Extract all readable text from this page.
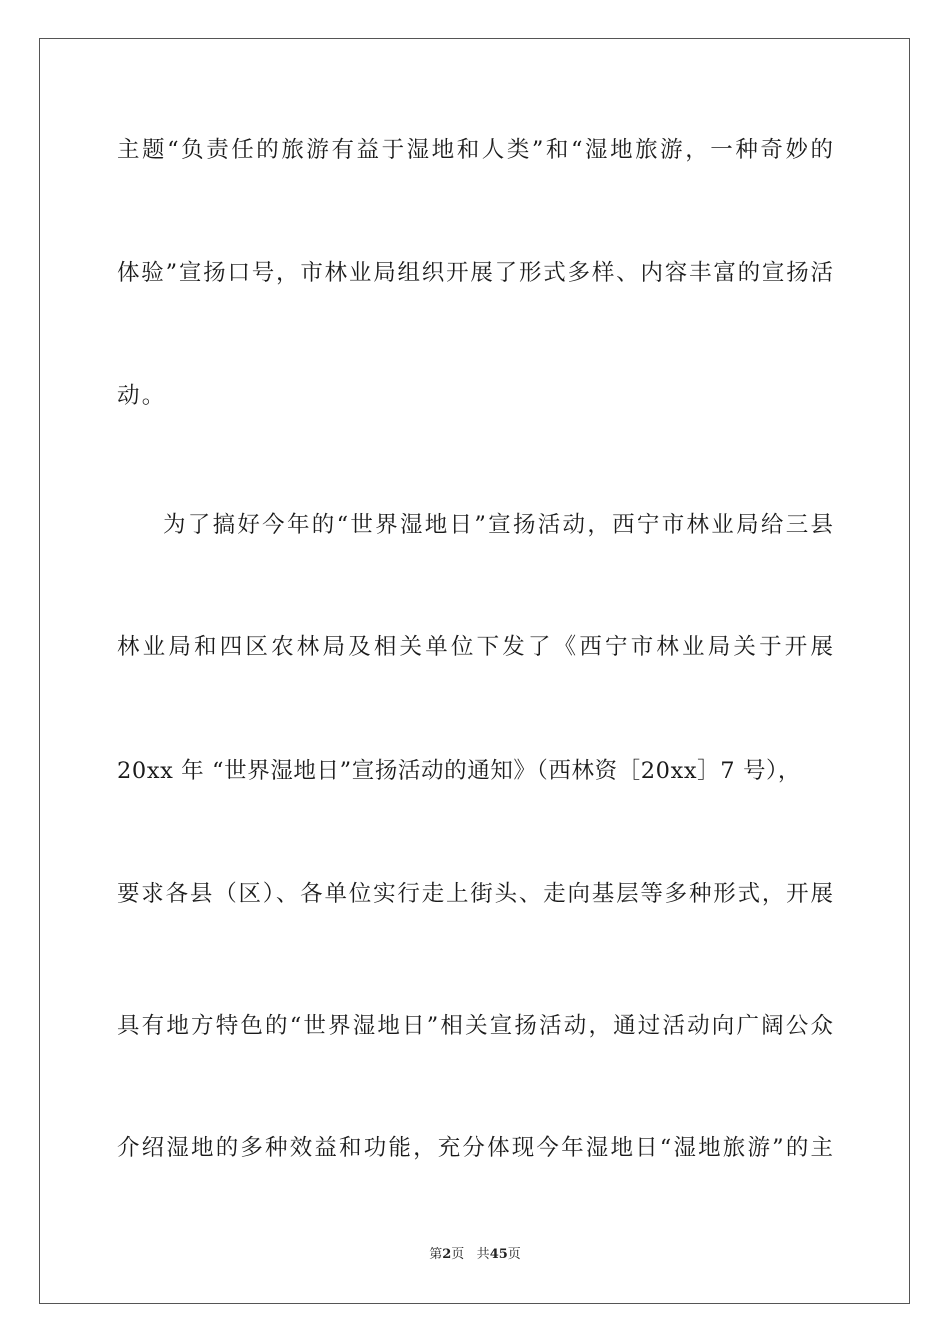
主题“负责任的旅游有益于湿地和人类”和“湿地旅游，一种奇妙的
体验”宣扬口号，市林业局组织开展了形式多样、内容丰富的宣扬活
动。
为了搞好今年的“世界湿地日”宣扬活动，西宁市林业局给三县
林业局和四区农林局及相关单位下发了《西宁市林业局关于开展
20xx 年 “世界湿地日”宣扬活动的通知》（西林资［20xx］7 号），
要求各县（区）、各单位实行走上街头、走向基层等多种形式，开展
具有地方特色的“世界湿地日”相关宣扬活动，通过活动向广阔公众
介绍湿地的多种效益和功能，充分体现今年湿地日“湿地旅游”的主
第2页 共45页
